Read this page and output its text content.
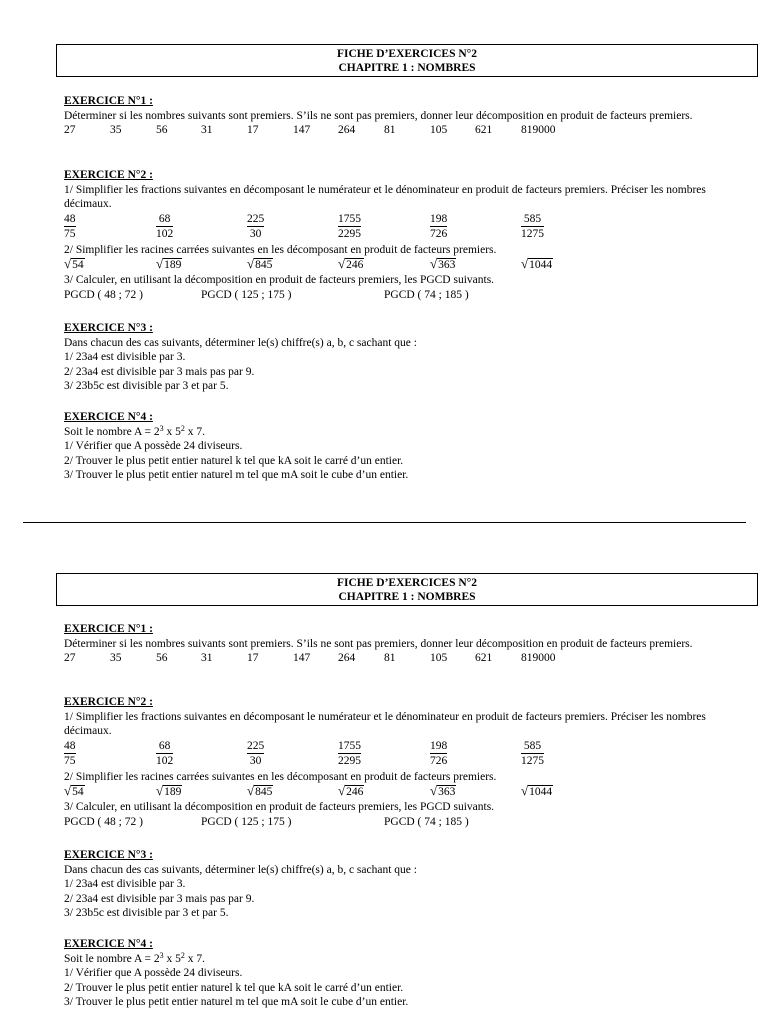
FICHE D’EXERCICES N°2
CHAPITRE 1 : NOMBRES
EXERCICE N°1 :
Déterminer si les nombres suivants sont premiers. S’ils ne sont pas premiers, donner leur décomposition en produit de facteurs premiers.
27	35	56	31	17	147 264	81	105 621	819000
EXERCICE N°2 :
1/ Simplifier les fractions suivantes en décomposant le numérateur et le dénominateur en produit de facteurs premiers. Préciser les nombres décimaux.
$\frac{48}{75}$	$\frac{68}{102}$	$\frac{225}{30}$	$\frac{1755}{2295}$	$\frac{198}{726}$	$\frac{585}{1275}$
2/ Simplifier les racines carrées suivantes en les décomposant en produit de facteurs premiers.
√54	√189	√845	√246	√363	√1044
3/ Calculer, en utilisant la décomposition en produit de facteurs premiers, les PGCD suivants.
PGCD ( 48 ; 72 )	PGCD ( 125 ; 175 )	PGCD ( 74 ; 185 )
EXERCICE N°3 :
Dans chacun des cas suivants, déterminer le(s) chiffre(s) a, b, c sachant que :
1/ 23a4 est divisible par 3.
2/ 23a4 est divisible par 3 mais pas par 9.
3/ 23b5c est divisible par 3 et par 5.
EXERCICE N°4 :
Soit le nombre $A = 2^3$ x $5^2$ x 7.
1/ Vérifier que A possède 24 diviseurs.
2/ Trouver le plus petit entier naturel k tel que kA soit le carré d’un entier.
3/ Trouver le plus petit entier naturel m tel que mA soit le cube d’un entier.
FICHE D’EXERCICES N°2
CHAPITRE 1 : NOMBRES
EXERCICE N°1 :
Déterminer si les nombres suivants sont premiers. S’ils ne sont pas premiers, donner leur décomposition en produit de facteurs premiers.
27	35	56	31	17	147 264	81	105 621	819000
EXERCICE N°2 :
1/ Simplifier les fractions suivantes en décomposant le numérateur et le dénominateur en produit de facteurs premiers. Préciser les nombres décimaux.
$\frac{48}{75}$	$\frac{68}{102}$	$\frac{225}{30}$	$\frac{1755}{2295}$	$\frac{198}{726}$	$\frac{585}{1275}$
2/ Simplifier les racines carrées suivantes en les décomposant en produit de facteurs premiers.
√54	√189	√845	√246	√363	√1044
3/ Calculer, en utilisant la décomposition en produit de facteurs premiers, les PGCD suivants.
PGCD ( 48 ; 72 )	PGCD ( 125 ; 175 )	PGCD ( 74 ; 185 )
EXERCICE N°3 :
Dans chacun des cas suivants, déterminer le(s) chiffre(s) a, b, c sachant que :
1/ 23a4 est divisible par 3.
2/ 23a4 est divisible par 3 mais pas par 9.
3/ 23b5c est divisible par 3 et par 5.
EXERCICE N°4 :
Soit le nombre $A = 2^3$ x $5^2$ x 7.
1/ Vérifier que A possède 24 diviseurs.
2/ Trouver le plus petit entier naturel k tel que kA soit le carré d’un entier.
3/ Trouver le plus petit entier naturel m tel que mA soit le cube d’un entier.
